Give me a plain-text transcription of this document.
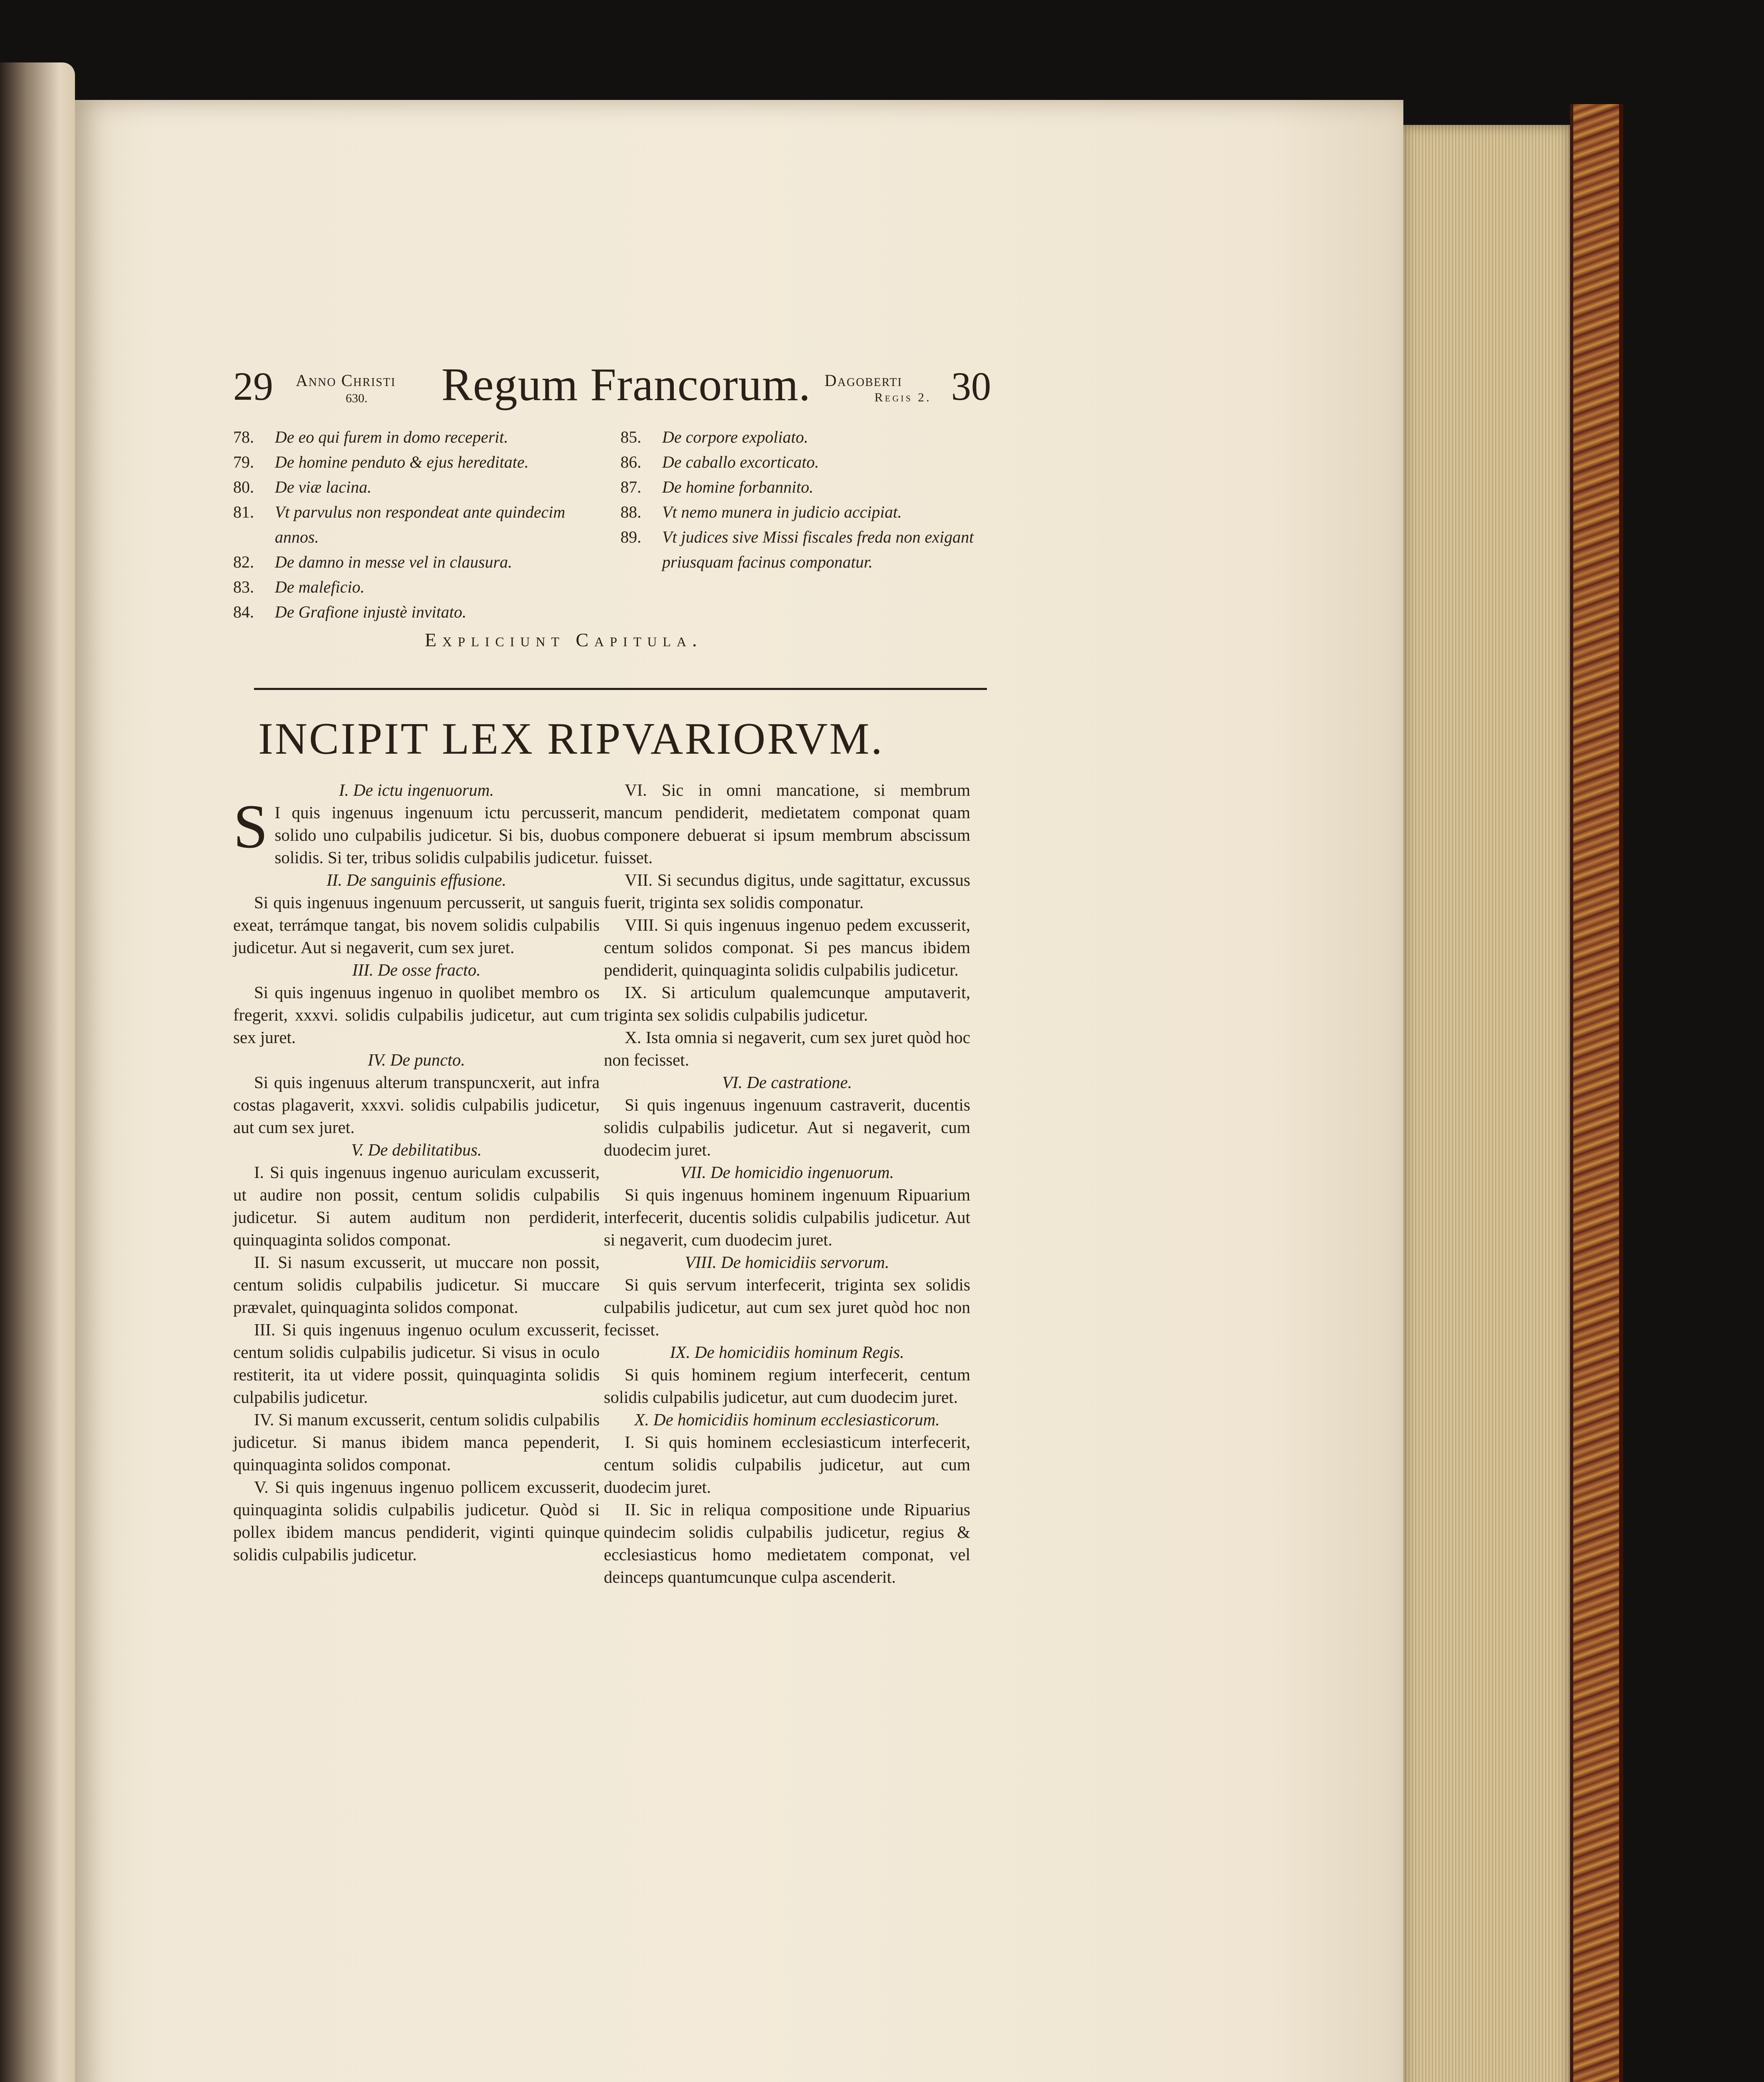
29 Anno Christi
630. Regum Francorum. Dagoberti
Regis 2. 30
78.	De eo qui furem in domo receperit.
79.	De homine penduto & ejus hereditate.
80.	De viæ lacina.
81.	Vt parvulus non respondeat ante quindecim annos.
82.	De damno in messe vel in clausura.
83.	De maleficio.
84.	De Grafione injustè invitato.
85.	De corpore expoliato.
86.	De caballo excorticato.
87.	De homine forbannito.
88.	Vt nemo munera in judicio accipiat.
89.	Vt judices sive Missi fiscales freda non exigant priusquam facinus componatur.
Expliciunt Capitula.
INCIPIT LEX RIPVARIORVM.

I. De ictu ingenuorum.

S I quis ingenuus ingenuum ictu percusserit, solido uno culpabilis judicetur. Si bis, duobus solidis. Si ter, tribus solidis culpabilis judicetur.

II. De sanguinis effusione.

Si quis ingenuus ingenuum percusserit, ut sanguis exeat, terrámque tangat, bis novem solidis culpabilis judicetur. Aut si negaverit, cum sex juret.

III. De osse fracto.

Si quis ingenuus ingenuo in quolibet membro os fregerit, xxxvi. solidis culpabilis judicetur, aut cum sex juret.

IV. De puncto.

Si quis ingenuus alterum transpuncxerit, aut infra costas plagaverit, xxxvi. solidis culpabilis judicetur, aut cum sex juret.

V. De debilitatibus.

I. Si quis ingenuus ingenuo auriculam excusserit, ut audire non possit, centum solidis culpabilis judicetur. Si autem auditum non perdiderit, quinquaginta solidos componat.

II. Si nasum excusserit, ut muccare non possit, centum solidis culpabilis judicetur. Si muccare prævalet, quinquaginta solidos componat.

III. Si quis ingenuus ingenuo oculum excusserit, centum solidis culpabilis judicetur. Si visus in oculo restiterit, ita ut videre possit, quinquaginta solidis culpabilis judicetur.

IV. Si manum excusserit, centum solidis culpabilis judicetur. Si manus ibidem manca pependerit, quinquaginta solidos componat.

V. Si quis ingenuus ingenuo pollicem excusserit, quinquaginta solidis culpabilis judicetur. Quòd si pollex ibidem mancus pendiderit, viginti quinque solidis culpabilis judicetur.

VI. Sic in omni mancatione, si membrum mancum pendiderit, medietatem componat quam componere debuerat si ipsum membrum abscissum fuisset.

VII. Si secundus digitus, unde sagittatur, excussus fuerit, triginta sex solidis componatur.

VIII. Si quis ingenuus ingenuo pedem excusserit, centum solidos componat. Si pes mancus ibidem pendiderit, quinquaginta solidis culpabilis judicetur.

IX. Si articulum qualemcunque amputaverit, triginta sex solidis culpabilis judicetur.

X. Ista omnia si negaverit, cum sex juret quòd hoc non fecisset.

VI. De castratione.

Si quis ingenuus ingenuum castraverit, ducentis solidis culpabilis judicetur. Aut si negaverit, cum duodecim juret.

VII. De homicidio ingenuorum.

Si quis ingenuus hominem ingenuum Ripuarium interfecerit, ducentis solidis culpabilis judicetur. Aut si negaverit, cum duodecim juret.

VIII. De homicidiis servorum.

Si quis servum interfecerit, triginta sex solidis culpabilis judicetur, aut cum sex juret quòd hoc non fecisset.

IX. De homicidiis hominum Regis.

Si quis hominem regium interfecerit, centum solidis culpabilis judicetur, aut cum duodecim juret.

X. De homicidiis hominum ecclesiasticorum.

I. Si quis hominem ecclesiasticum interfecerit, centum solidis culpabilis judicetur, aut cum duodecim juret.

II. Sic in reliqua compositione unde Ripuarius quindecim solidis culpabilis judicetur, regius & ecclesiasticus homo medietatem componat, vel deinceps quantumcunque culpa ascenderit.
